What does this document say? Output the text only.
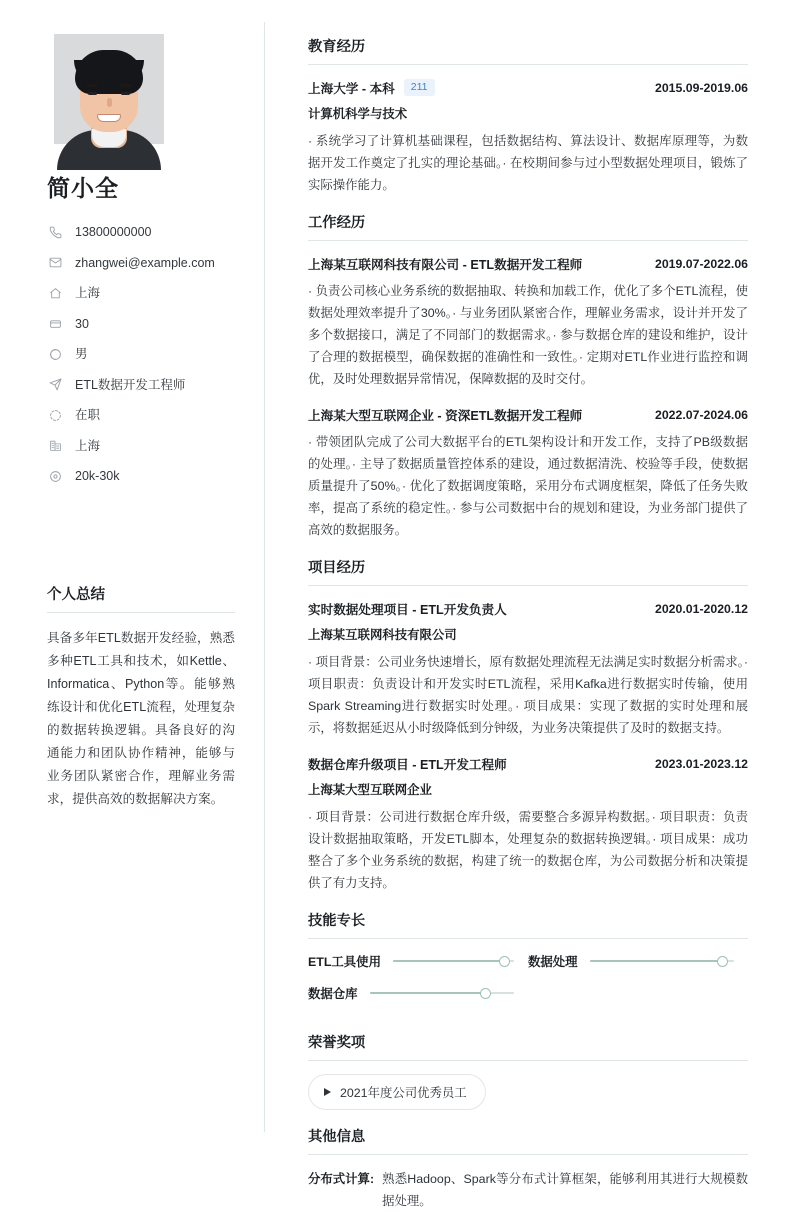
简小全
13800000000
zhangwei@example.com
上海
30
男
ETL数据开发工程师
在职
上海
20k-30k
个人总结
具备多年ETL数据开发经验，熟悉多种ETL工具和技术，如Kettle、Informatica、Python等。能够熟练设计和优化ETL流程，处理复杂的数据转换逻辑。具备良好的沟通能力和团队协作精神，能够与业务团队紧密合作，理解业务需求，提供高效的数据解决方案。
教育经历
上海大学 - 本科	211	2015.09-2019.06
计算机科学与技术
· 系统学习了计算机基础课程，包括数据结构、算法设计、数据库原理等，为数据开发工作奠定了扎实的理论基础。· 在校期间参与过小型数据处理项目，锻炼了实际操作能力。
工作经历
上海某互联网科技有限公司 - ETL数据开发工程师	2019.07-2022.06
· 负责公司核心业务系统的数据抽取、转换和加载工作，优化了多个ETL流程，使数据处理效率提升了30%。· 与业务团队紧密合作，理解业务需求，设计并开发了多个数据接口，满足了不同部门的数据需求。· 参与数据仓库的建设和维护，设计了合理的数据模型，确保数据的准确性和一致性。· 定期对ETL作业进行监控和调优，及时处理数据异常情况，保障数据的及时交付。
上海某大型互联网企业 - 资深ETL数据开发工程师	2022.07-2024.06
· 带领团队完成了公司大数据平台的ETL架构设计和开发工作，支持了PB级数据的处理。· 主导了数据质量管控体系的建设，通过数据清洗、校验等手段，使数据质量提升了50%。· 优化了数据调度策略，采用分布式调度框架，降低了任务失败率，提高了系统的稳定性。· 参与公司数据中台的规划和建设，为业务部门提供了高效的数据服务。
项目经历
实时数据处理项目 - ETL开发负责人	2020.01-2020.12
上海某互联网科技有限公司
· 项目背景：公司业务快速增长，原有数据处理流程无法满足实时数据分析需求。· 项目职责：负责设计和开发实时ETL流程，采用Kafka进行数据实时传输，使用Spark Streaming进行数据实时处理。· 项目成果：实现了数据的实时处理和展示，将数据延迟从小时级降低到分钟级，为业务决策提供了及时的数据支持。
数据仓库升级项目 - ETL开发工程师	2023.01-2023.12
上海某大型互联网企业
· 项目背景：公司进行数据仓库升级，需要整合多源异构数据。· 项目职责：负责设计数据抽取策略，开发ETL脚本，处理复杂的数据转换逻辑。· 项目成果：成功整合了多个业务系统的数据，构建了统一的数据仓库，为公司数据分析和决策提供了有力支持。
技能专长
ETL工具使用	数据处理
数据仓库
荣誉奖项
2021年度公司优秀员工
其他信息
分布式计算: 熟悉Hadoop、Spark等分布式计算框架，能够利用其进行大规模数据处理。
